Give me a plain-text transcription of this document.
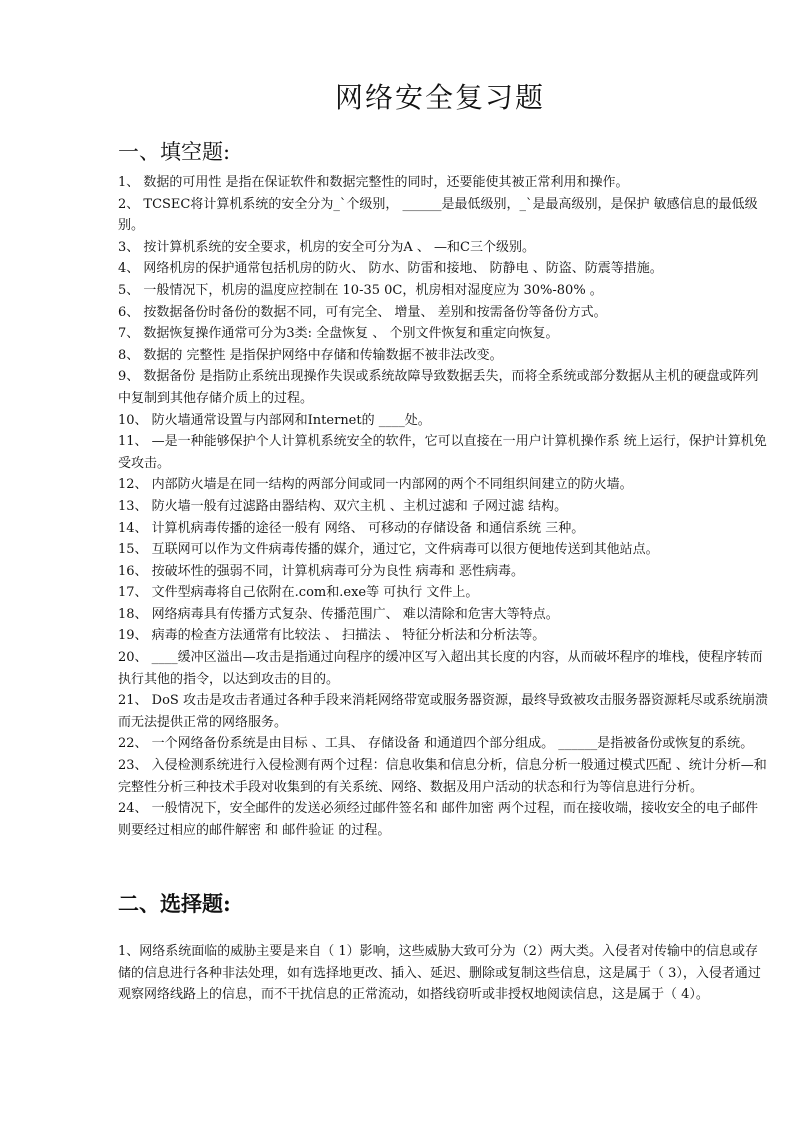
网络安全复习题
一、填空题:

1、 数据的可用性 是指在保证软件和数据完整性的同时，还要能使其被正常利用和操作。

2、 TCSEC将计算机系统的安全分为_`个级别， ______是最低级别，_`是最高级别，是保护 敏感信息的最低级别。

3、 按计算机系统的安全要求，机房的安全可分为A 、 —和C三个级别。

4、 网络机房的保护通常包括机房的防火、 防水、防雷和接地、 防静电 、防盗、防震等措施。

5、 一般情况下，机房的温度应控制在 10-35 0C，机房相对湿度应为 30%-80% 。

6、 按数据备份时备份的数据不同，可有完全、 增量、 差别和按需备份等备份方式。

7、 数据恢复操作通常可分为3类: 全盘恢复 、 个别文件恢复和重定向恢复。

8、 数据的 完整性 是指保护网络中存储和传输数据不被非法改变。

9、 数据备份 是指防止系统出现操作失误或系统故障导致数据丢失，而将全系统或部分数据从主机的硬盘或阵列中复制到其他存储介质上的过程。

10、 防火墙通常设置与内部网和Internet的 ____处。

11、 —是一种能够保护个人计算机系统安全的软件，它可以直接在一用户计算机操作系 统上运行，保护计算机免受攻击。

12、 内部防火墙是在同一结构的两部分间或同一内部网的两个不同组织间建立的防火墙。

13、 防火墙一般有过滤路由器结构、双穴主机 、主机过滤和 子网过滤 结构。

14、 计算机病毒传播的途径一般有 网络、 可移动的存储设备 和通信系统 三种。

15、 互联网可以作为文件病毒传播的媒介，通过它，文件病毒可以很方便地传送到其他站点。

16、 按破坏性的强弱不同，计算机病毒可分为良性 病毒和 恶性病毒。

17、 文件型病毒将自己依附在.com和.exe等 可执行 文件上。

18、 网络病毒具有传播方式复杂、传播范围广、 难以清除和危害大等特点。

19、 病毒的检查方法通常有比较法 、 扫描法 、 特征分析法和分析法等。

20、 ____缓冲区溢出—攻击是指通过向程序的缓冲区写入超出其长度的内容，从而破坏程序的堆栈，使程序转而执行其他的指令，以达到攻击的目的。

21、 DoS 攻击是攻击者通过各种手段来消耗网络带宽或服务器资源，最终导致被攻击服务器资源耗尽或系统崩溃而无法提供正常的网络服务。

22、 一个网络备份系统是由目标 、工具、 存储设备 和通道四个部分组成。 ______是指被备份或恢复的系统。

23、 入侵检测系统进行入侵检测有两个过程：信息收集和信息分析，信息分析一般通过模式匹配 、统计分析—和完整性分析三种技术手段对收集到的有关系统、网络、数据及用户活动的状态和行为等信息进行分析。

24、 一般情况下，安全邮件的发送必须经过邮件签名和 邮件加密 两个过程，而在接收端，接收安全的电子邮件则要经过相应的邮件解密 和 邮件验证 的过程。

二、选择题:

1、网络系统面临的威胁主要是来自（ 1）影响，这些威胁大致可分为（2）两大类。入侵者对传输中的信息或存储的信息进行各种非法处理，如有选择地更改、插入、延迟、删除或复制这些信息，这是属于（ 3），入侵者通过观察网络线路上的信息，而不干扰信息的正常流动，如搭线窃听或非授权地阅读信息，这是属于（ 4）。
